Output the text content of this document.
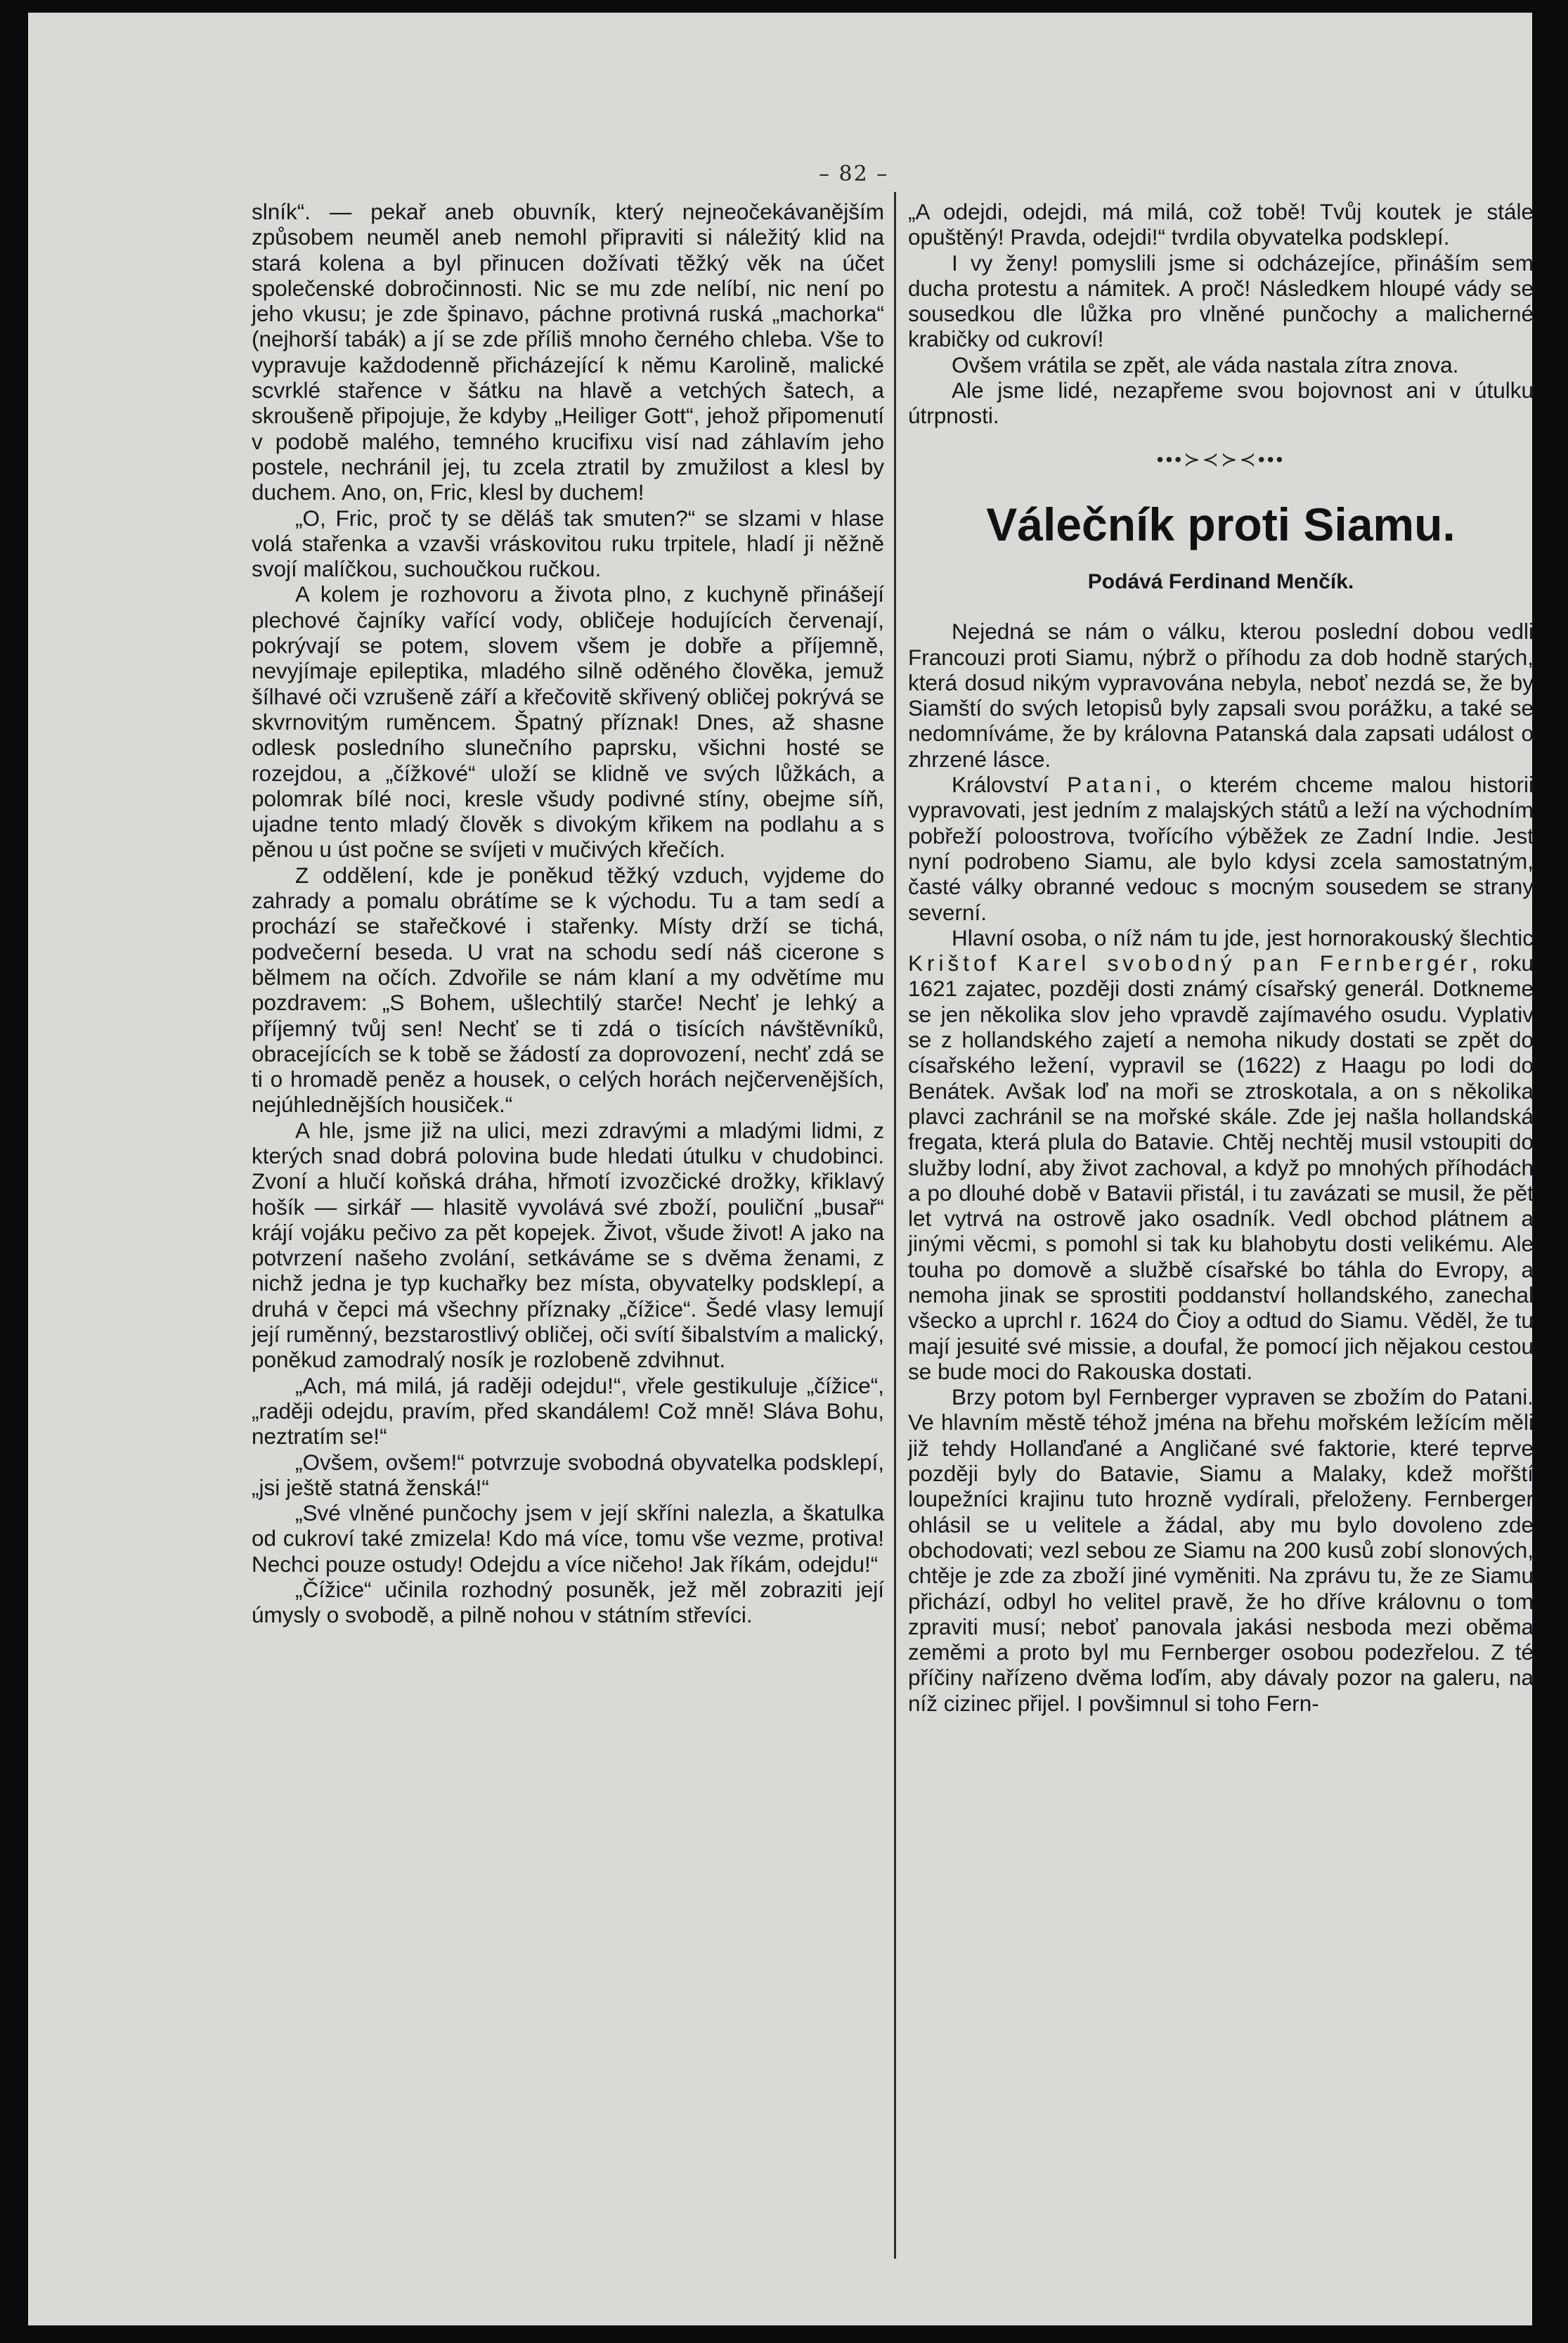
– 82 –

slník“. — pekař aneb obuvník, který nejneočekávanějším způsobem neuměl aneb nemohl připraviti si náležitý klid na stará kolena a byl přinucen dožívati těžký věk na účet společenské dobročinnosti. Nic se mu zde nelíbí, nic není po jeho vkusu; je zde špinavo, páchne protivná ruská „machorka“ (nejhorší tabák) a jí se zde příliš mnoho černého chleba. Vše to vypravuje každodenně přicházející k němu Karolině, malické scvrklé stařence v šátku na hlavě a vetchých šatech, a skroušeně připojuje, že kdyby „Heiliger Gott“, jehož připomenutí v podobě malého, temného krucifixu visí nad záhlavím jeho postele, nechránil jej, tu zcela ztratil by zmužilost a klesl by duchem. Ano, on, Fric, klesl by duchem!

„O, Fric, proč ty se děláš tak smuten?“ se slzami v hlase volá stařenka a vzavši vráskovitou ruku trpitele, hladí ji něžně svojí malíčkou, suchoučkou ručkou.

A kolem je rozhovoru a života plno, z kuchyně přinášejí plechové čajníky vařící vody, obličeje hodujících červenají, pokrývají se potem, slovem všem je dobře a příjemně, nevyjímaje epileptika, mladého silně oděného člověka, jemuž šílhavé oči vzrušeně září a křečovitě skřivený obličej pokrývá se skvrnovitým ruměncem. Špatný příznak! Dnes, až shasne odlesk posledního slunečního paprsku, všichni hosté se rozejdou, a „čížkové“ uloží se klidně ve svých lůžkách, a polomrak bílé noci, kresle všudy podivné stíny, obejme síň, ujadne tento mladý člověk s divokým křikem na podlahu a s pěnou u úst počne se svíjeti v mučivých křečích.

Z oddělení, kde je poněkud těžký vzduch, vyjdeme do zahrady a pomalu obrátíme se k východu. Tu a tam sedí a prochází se stařečkové i stařenky. Místy drží se tichá, podvečerní beseda. U vrat na schodu sedí náš cicerone s bělmem na očích. Zdvořile se nám klaní a my odvětíme mu pozdravem: „S Bohem, ušlechtilý starče! Nechť je lehký a příjemný tvůj sen! Nechť se ti zdá o tisících návštěvníků, obracejících se k tobě se žádostí za doprovození, nechť zdá se ti o hromadě peněz a housek, o celých horách nejčervenějších, nejúhlednějších housiček.“

A hle, jsme již na ulici, mezi zdravými a mladými lidmi, z kterých snad dobrá polovina bude hledati útulku v chudobinci. Zvoní a hlučí koňská dráha, hřmotí izvozčické drožky, křiklavý hošík — sirkář — hlasitě vyvolává své zboží, pouliční „busař“ krájí vojáku pečivo za pět kopejek. Život, všude život! A jako na potvrzení našeho zvolání, setkáváme se s dvěma ženami, z nichž jedna je typ kuchařky bez místa, obyvatelky podsklepí, a druhá v čepci má všechny příznaky „čížice“. Šedé vlasy lemují její ruměnný, bezstarostlivý obličej, oči svítí šibalstvím a malický, poněkud zamodralý nosík je rozlobeně zdvihnut.

„Ach, má milá, já raději odejdu!“, vřele gestikuluje „čížice“, „raději odejdu, pravím, před skandálem! Což mně! Sláva Bohu, neztratím se!“

„Ovšem, ovšem!“ potvrzuje svobodná obyvatelka podsklepí, „jsi ještě statná ženská!“

„Své vlněné punčochy jsem v její skříni nalezla, a škatulka od cukroví také zmizela! Kdo má více, tomu vše vezme, protiva! Nechci pouze ostudy! Odejdu a více ničeho! Jak říkám, odejdu!“

„Čížice“ učinila rozhodný posuněk, jež měl zobraziti její úmysly o svobodě, a pilně nohou v státním střevíci.

„A odejdi, odejdi, má milá, což tobě! Tvůj koutek je stále opuštěný! Pravda, odejdi!“ tvrdila obyvatelka podsklepí.

I vy ženy! pomyslili jsme si odcházejíce, přináším sem ducha protestu a námitek. A proč! Následkem hloupé vády se sousedkou dle lůžka pro vlněné punčochy a malicherné krabičky od cukroví!

Ovšem vrátila se zpět, ale váda nastala zítra znova.

Ale jsme lidé, nezapřeme svou bojovnost ani v útulku útrpnosti.

•••≻≺≻≺•••
Válečník proti Siamu.
Podává Ferdinand Menčík.

Nejedná se nám o válku, kterou poslední dobou vedli Francouzi proti Siamu, nýbrž o příhodu za dob hodně starých, která dosud nikým vypravována nebyla, neboť nezdá se, že by Siamští do svých letopisů byly zapsali svou porážku, a také se nedomníváme, že by královna Patanská dala zapsati událost o zhrzené lásce.

Království Patani, o kterém chceme malou historii vypravovati, jest jedním z malajských států a leží na východním pobřeží poloostrova, tvořícího výběžek ze Zadní Indie. Jest nyní podrobeno Siamu, ale bylo kdysi zcela samostatným, časté války obranné vedouc s mocným sousedem se strany severní.

Hlavní osoba, o níž nám tu jde, jest hornorakouský šlechtic Krištof Karel svobodný pan Fernbergér, roku 1621 zajatec, později dosti známý císařský generál. Dotkneme se jen několika slov jeho vpravdě zajímavého osudu. Vyplativ se z hollandského zajetí a nemoha nikudy dostati se zpět do císařského ležení, vypravil se (1622) z Haagu po lodi do Benátek. Avšak loď na moři se ztroskotala, a on s několika plavci zachránil se na mořské skále. Zde jej našla hollandská fregata, která plula do Batavie. Chtěj nechtěj musil vstoupiti do služby lodní, aby život zachoval, a když po mnohých příhodách a po dlouhé době v Batavii přistál, i tu zavázati se musil, že pět let vytrvá na ostrově jako osadník. Vedl obchod plátnem a jinými věcmi, s pomohl si tak ku blahobytu dosti velikému. Ale touha po domově a službě císařské bo táhla do Evropy, a nemoha jinak se sprostiti poddanství hollandského, zanechal všecko a uprchl r. 1624 do Čioy a odtud do Siamu. Věděl, že tu mají jesuité své missie, a doufal, že pomocí jich nějakou cestou se bude moci do Rakouska dostati.

Brzy potom byl Fernberger vypraven se zbožím do Patani. Ve hlavním městě téhož jména na břehu mořském ležícím měli již tehdy Hollanďané a Angličané své faktorie, které teprve později byly do Batavie, Siamu a Malaky, kdež mořští loupežníci krajinu tuto hrozně vydírali, přeloženy. Fernberger ohlásil se u velitele a žádal, aby mu bylo dovoleno zde obchodovati; vezl sebou ze Siamu na 200 kusů zobí slonových, chtěje je zde za zboží jiné vyměniti. Na zprávu tu, že ze Siamu přichází, odbyl ho velitel pravě, že ho dříve královnu o tom zpraviti musí; neboť panovala jakási nesboda mezi oběma zeměmi a proto byl mu Fernberger osobou podezřelou. Z té příčiny nařízeno dvěma loďím, aby dávaly pozor na galeru, na níž cizinec přijel. I povšimnul si toho Fern-
